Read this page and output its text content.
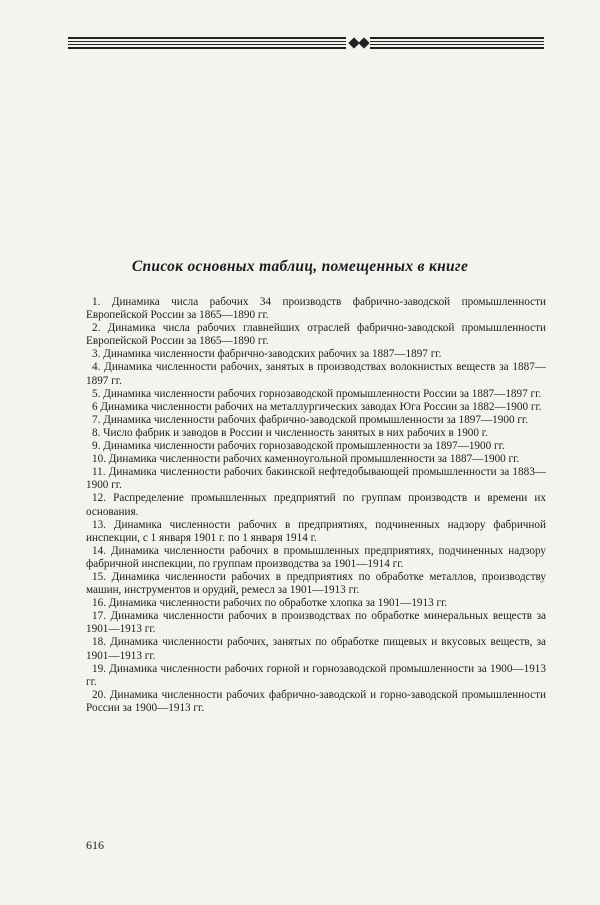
Список основных таблиц, помещенных в книге
1. Динамика числа рабочих 34 производств фабрично-заводской промышленности Европейской России за 1865—1890 гг.
2. Динамика числа рабочих главнейших отраслей фабрично-заводской промышленности Европейской России за 1865—1890 гг.
3. Динамика численности фабрично-заводских рабочих за 1887—1897 гг.
4. Динамика численности рабочих, занятых в производствах волокнистых веществ за 1887—1897 гг.
5. Динамика численности рабочих горнозаводской промышленности России за 1887—1897 гг.
6 Динамика численности рабочих на металлургических заводах Юга России за 1882—1900 гг.
7. Динамика численности рабочих фабрично-заводской промышленности за 1897—1900 гг.
8. Число фабрик и заводов в России и численность занятых в них рабочих в 1900 г.
9. Динамика численности рабочих горнозаводской промышленности за 1897—1900 гг.
10. Динамика численности рабочих каменноугольной промышленности за 1887—1900 гг.
11. Динамика численности рабочих бакинской нефтедобывающей промышленности за 1883—1900 гг.
12. Распределение промышленных предприятий по группам производств и времени их основания.
13. Динамика численности рабочих в предприятиях, подчиненных надзору фабричной инспекции, с 1 января 1901 г. по 1 января 1914 г.
14. Динамика численности рабочих в промышленных предприятиях, подчиненных надзору фабричной инспекции, по группам производства за 1901—1914 гг.
15. Динамика численности рабочих в предприятиях по обработке металлов, производству машин, инструментов и орудий, ремесл за 1901—1913 гг.
16. Динамика численности рабочих по обработке хлопка за 1901—1913 гг.
17. Динамика численности рабочих в производствах по обработке минеральных веществ за 1901—1913 гг.
18. Динамика численности рабочих, занятых по обработке пищевых и вкусовых веществ, за 1901—1913 гг.
19. Динамика численности рабочих горной и горнозаводской промышленности за 1900—1913 гг.
20. Динамика численности рабочих фабрично-заводской и горно-заводской промышленности России за 1900—1913 гг.

616
